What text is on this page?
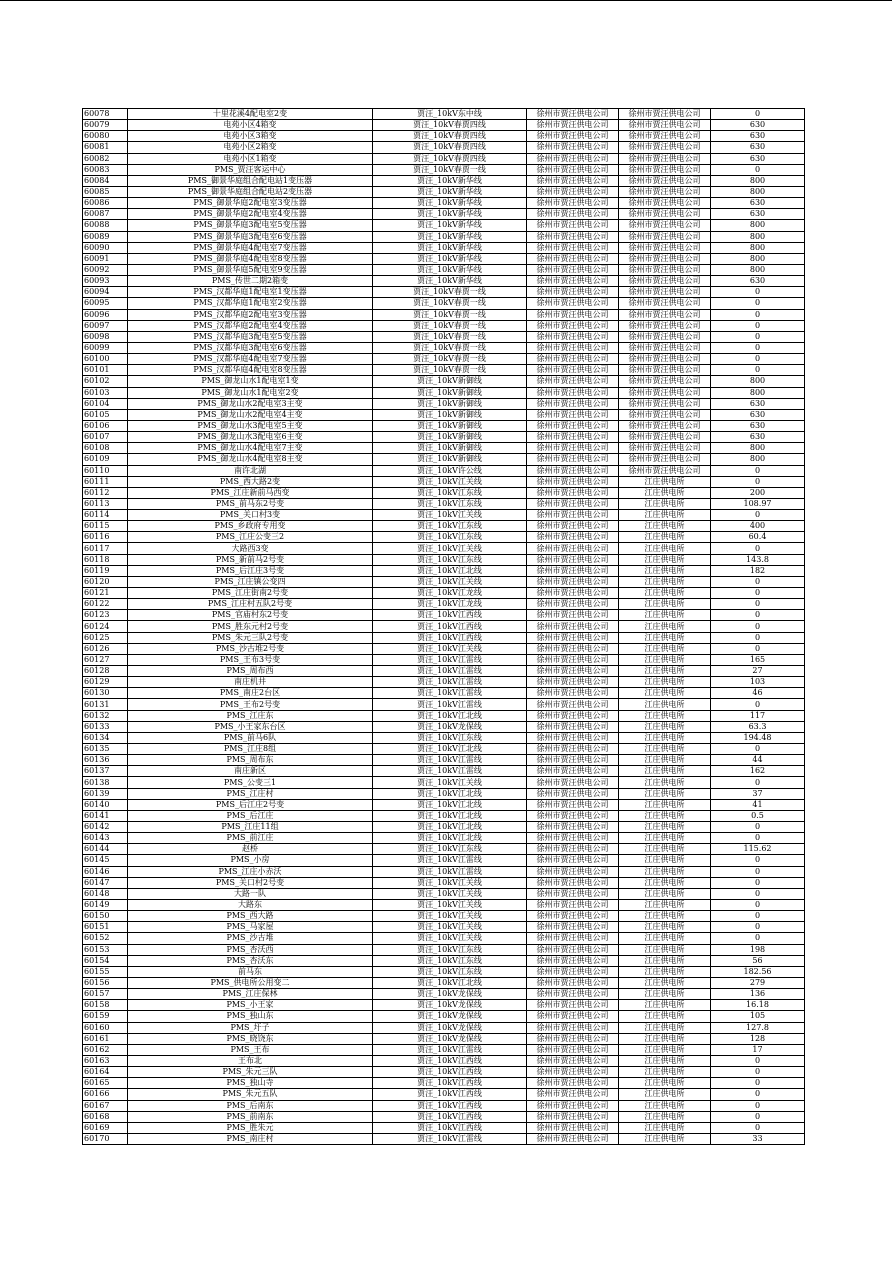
60078	十里花溪4配电室2变	贾汪_10kV东中线	徐州市贾汪供电公司	徐州市贾汪供电公司	0
60079	电苑小区4箱变	贾汪_10kV春贾四线	徐州市贾汪供电公司	徐州市贾汪供电公司	630
60080	电苑小区3箱变	贾汪_10kV春贾四线	徐州市贾汪供电公司	徐州市贾汪供电公司	630
60081	电苑小区2箱变	贾汪_10kV春贾四线	徐州市贾汪供电公司	徐州市贾汪供电公司	630
60082	电苑小区1箱变	贾汪_10kV春贾四线	徐州市贾汪供电公司	徐州市贾汪供电公司	630
60083	PMS_贾汪客运中心	贾汪_10kV春贾一线	徐州市贾汪供电公司	徐州市贾汪供电公司	0
60084	PMS_御景华庭组合配电站1变压器	贾汪_10kV新华线	徐州市贾汪供电公司	徐州市贾汪供电公司	800
60085	PMS_御景华庭组合配电站2变压器	贾汪_10kV新华线	徐州市贾汪供电公司	徐州市贾汪供电公司	800
60086	PMS_御景华庭2配电室3变压器	贾汪_10kV新华线	徐州市贾汪供电公司	徐州市贾汪供电公司	630
60087	PMS_御景华庭2配电室4变压器	贾汪_10kV新华线	徐州市贾汪供电公司	徐州市贾汪供电公司	630
60088	PMS_御景华庭3配电室5变压器	贾汪_10kV新华线	徐州市贾汪供电公司	徐州市贾汪供电公司	800
60089	PMS_御景华庭3配电室6变压器	贾汪_10kV新华线	徐州市贾汪供电公司	徐州市贾汪供电公司	800
60090	PMS_御景华庭4配电室7变压器	贾汪_10kV新华线	徐州市贾汪供电公司	徐州市贾汪供电公司	800
60091	PMS_御景华庭4配电室8变压器	贾汪_10kV新华线	徐州市贾汪供电公司	徐州市贾汪供电公司	800
60092	PMS_御景华庭5配电室9变压器	贾汪_10kV新华线	徐州市贾汪供电公司	徐州市贾汪供电公司	800
60093	PMS_传世二期2箱变	贾汪_10kV新华线	徐州市贾汪供电公司	徐州市贾汪供电公司	630
60094	PMS_汉都华庭1配电室1变压器	贾汪_10kV春贾一线	徐州市贾汪供电公司	徐州市贾汪供电公司	0
60095	PMS_汉都华庭1配电室2变压器	贾汪_10kV春贾一线	徐州市贾汪供电公司	徐州市贾汪供电公司	0
60096	PMS_汉都华庭2配电室3变压器	贾汪_10kV春贾一线	徐州市贾汪供电公司	徐州市贾汪供电公司	0
60097	PMS_汉都华庭2配电室4变压器	贾汪_10kV春贾一线	徐州市贾汪供电公司	徐州市贾汪供电公司	0
60098	PMS_汉都华庭3配电室5变压器	贾汪_10kV春贾一线	徐州市贾汪供电公司	徐州市贾汪供电公司	0
60099	PMS_汉都华庭3配电室6变压器	贾汪_10kV春贾一线	徐州市贾汪供电公司	徐州市贾汪供电公司	0
60100	PMS_汉都华庭4配电室7变压器	贾汪_10kV春贾一线	徐州市贾汪供电公司	徐州市贾汪供电公司	0
60101	PMS_汉都华庭4配电室8变压器	贾汪_10kV春贾一线	徐州市贾汪供电公司	徐州市贾汪供电公司	0
60102	PMS_御龙山水1配电室1变	贾汪_10kV新御线	徐州市贾汪供电公司	徐州市贾汪供电公司	800
60103	PMS_御龙山水1配电室2变	贾汪_10kV新御线	徐州市贾汪供电公司	徐州市贾汪供电公司	800
60104	PMS_御龙山水2配电室3主变	贾汪_10kV新御线	徐州市贾汪供电公司	徐州市贾汪供电公司	630
60105	PMS_御龙山水2配电室4主变	贾汪_10kV新御线	徐州市贾汪供电公司	徐州市贾汪供电公司	630
60106	PMS_御龙山水3配电室5主变	贾汪_10kV新御线	徐州市贾汪供电公司	徐州市贾汪供电公司	630
60107	PMS_御龙山水3配电室6主变	贾汪_10kV新御线	徐州市贾汪供电公司	徐州市贾汪供电公司	630
60108	PMS_御龙山水4配电室7主变	贾汪_10kV新御线	徐州市贾汪供电公司	徐州市贾汪供电公司	800
60109	PMS_御龙山水4配电室8主变	贾汪_10kV新御线	徐州市贾汪供电公司	徐州市贾汪供电公司	800
60110	南许北湖	贾汪_10kV许公线	徐州市贾汪供电公司	徐州市贾汪供电公司	0
60111	PMS_西大路2变	贾汪_10kV江关线	徐州市贾汪供电公司	江庄供电所	0
60112	PMS_江庄新前马西变	贾汪_10kV江东线	徐州市贾汪供电公司	江庄供电所	200
60113	PMS_前马东2号变	贾汪_10kV江东线	徐州市贾汪供电公司	江庄供电所	108.97
60114	PMS_关口村3变	贾汪_10kV江关线	徐州市贾汪供电公司	江庄供电所	0
60115	PMS_乡政府专用变	贾汪_10kV江东线	徐州市贾汪供电公司	江庄供电所	400
60116	PMS_江庄公变三2	贾汪_10kV江东线	徐州市贾汪供电公司	江庄供电所	60.4
60117	大路西3变	贾汪_10kV江关线	徐州市贾汪供电公司	江庄供电所	0
60118	PMS_新前马2号变	贾汪_10kV江东线	徐州市贾汪供电公司	江庄供电所	143.8
60119	PMS_后江庄3号变	贾汪_10kV江北线	徐州市贾汪供电公司	江庄供电所	182
60120	PMS_江庄镇公变四	贾汪_10kV江关线	徐州市贾汪供电公司	江庄供电所	0
60121	PMS_江庄街南2号变	贾汪_10kV江龙线	徐州市贾汪供电公司	江庄供电所	0
60122	PMS_江庄村五队2号变	贾汪_10kV江龙线	徐州市贾汪供电公司	江庄供电所	0
60123	PMS_官庙村东2号变	贾汪_10kV江西线	徐州市贾汪供电公司	江庄供电所	0
60124	PMS_胜东元村2号变	贾汪_10kV江西线	徐州市贾汪供电公司	江庄供电所	0
60125	PMS_朱元三队2号变	贾汪_10kV江西线	徐州市贾汪供电公司	江庄供电所	0
60126	PMS_沙古堆2号变	贾汪_10kV江关线	徐州市贾汪供电公司	江庄供电所	0
60127	PMS_王布3号变	贾汪_10kV江雷线	徐州市贾汪供电公司	江庄供电所	165
60128	PMS_周布西	贾汪_10kV江雷线	徐州市贾汪供电公司	江庄供电所	27
60129	南庄机井	贾汪_10kV江雷线	徐州市贾汪供电公司	江庄供电所	103
60130	PMS_南庄2台区	贾汪_10kV江雷线	徐州市贾汪供电公司	江庄供电所	46
60131	PMS_王布2号变	贾汪_10kV江雷线	徐州市贾汪供电公司	江庄供电所	0
60132	PMS_江庄东	贾汪_10kV江北线	徐州市贾汪供电公司	江庄供电所	117
60133	PMS_小王家东台区	贾汪_10kV龙保线	徐州市贾汪供电公司	江庄供电所	63.3
60134	PMS_前马6队	贾汪_10kV江东线	徐州市贾汪供电公司	江庄供电所	194.48
60135	PMS_江庄8组	贾汪_10kV江北线	徐州市贾汪供电公司	江庄供电所	0
60136	PMS_周布东	贾汪_10kV江雷线	徐州市贾汪供电公司	江庄供电所	44
60137	南庄新区	贾汪_10kV江雷线	徐州市贾汪供电公司	江庄供电所	162
60138	PMS_公变三1	贾汪_10kV江关线	徐州市贾汪供电公司	江庄供电所	0
60139	PMS_江庄村	贾汪_10kV江北线	徐州市贾汪供电公司	江庄供电所	37
60140	PMS_后江庄2号变	贾汪_10kV江北线	徐州市贾汪供电公司	江庄供电所	41
60141	PMS_后江庄	贾汪_10kV江北线	徐州市贾汪供电公司	江庄供电所	0.5
60142	PMS_江庄11组	贾汪_10kV江北线	徐州市贾汪供电公司	江庄供电所	0
60143	PMS_前江庄	贾汪_10kV江北线	徐州市贾汪供电公司	江庄供电所	0
60144	赵桥	贾汪_10kV江东线	徐州市贾汪供电公司	江庄供电所	115.62
60145	PMS_小房	贾汪_10kV江雷线	徐州市贾汪供电公司	江庄供电所	0
60146	PMS_江庄小赤沃	贾汪_10kV江雷线	徐州市贾汪供电公司	江庄供电所	0
60147	PMS_关口村2号变	贾汪_10kV江关线	徐州市贾汪供电公司	江庄供电所	0
60148	大路一队	贾汪_10kV江关线	徐州市贾汪供电公司	江庄供电所	0
60149	大路东	贾汪_10kV江关线	徐州市贾汪供电公司	江庄供电所	0
60150	PMS_西大路	贾汪_10kV江关线	徐州市贾汪供电公司	江庄供电所	0
60151	PMS_马家屋	贾汪_10kV江关线	徐州市贾汪供电公司	江庄供电所	0
60152	PMS_沙古堆	贾汪_10kV江关线	徐州市贾汪供电公司	江庄供电所	0
60153	PMS_杏沃西	贾汪_10kV江东线	徐州市贾汪供电公司	江庄供电所	198
60154	PMS_杏沃东	贾汪_10kV江东线	徐州市贾汪供电公司	江庄供电所	56
60155	前马东	贾汪_10kV江东线	徐州市贾汪供电公司	江庄供电所	182.56
60156	PMS_供电所公用变二	贾汪_10kV江北线	徐州市贾汪供电公司	江庄供电所	279
60157	PMS_江庄保林	贾汪_10kV龙保线	徐州市贾汪供电公司	江庄供电所	136
60158	PMS_小王家	贾汪_10kV龙保线	徐州市贾汪供电公司	江庄供电所	16.18
60159	PMS_独山东	贾汪_10kV龙保线	徐州市贾汪供电公司	江庄供电所	105
60160	PMS_圩子	贾汪_10kV龙保线	徐州市贾汪供电公司	江庄供电所	127.8
60161	PMS_晓饶东	贾汪_10kV龙保线	徐州市贾汪供电公司	江庄供电所	128
60162	PMS_王布	贾汪_10kV江雷线	徐州市贾汪供电公司	江庄供电所	17
60163	王布北	贾汪_10kV江西线	徐州市贾汪供电公司	江庄供电所	0
60164	PMS_朱元三队	贾汪_10kV江西线	徐州市贾汪供电公司	江庄供电所	0
60165	PMS_独山寺	贾汪_10kV江西线	徐州市贾汪供电公司	江庄供电所	0
60166	PMS_朱元五队	贾汪_10kV江西线	徐州市贾汪供电公司	江庄供电所	0
60167	PMS_后南东	贾汪_10kV江西线	徐州市贾汪供电公司	江庄供电所	0
60168	PMS_前南东	贾汪_10kV江西线	徐州市贾汪供电公司	江庄供电所	0
60169	PMS_胜朱元	贾汪_10kV江西线	徐州市贾汪供电公司	江庄供电所	0
60170	PMS_南庄村	贾汪_10kV江雷线	徐州市贾汪供电公司	江庄供电所	33
